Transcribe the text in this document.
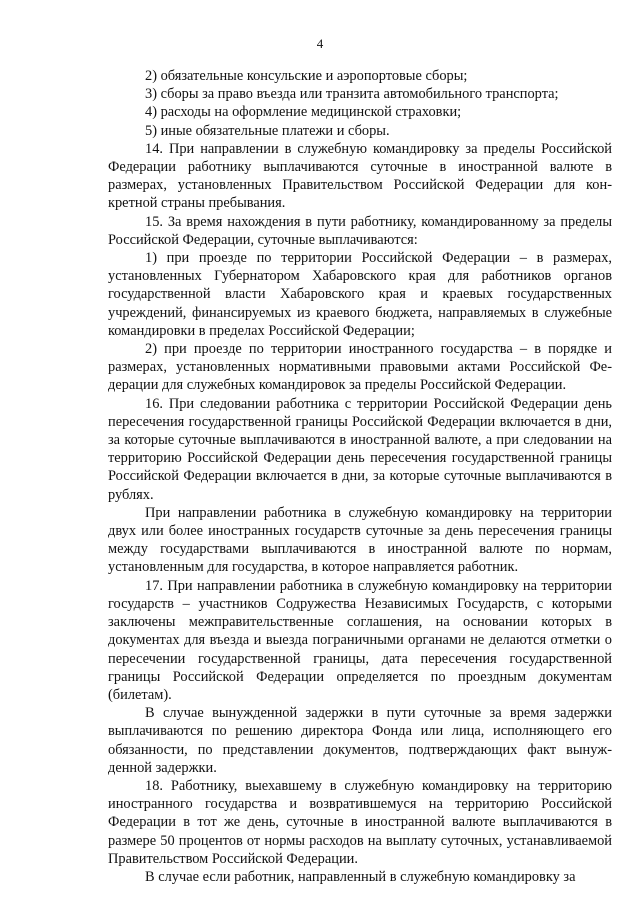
4

2) обязательные консульские и аэропортовые сборы;

3) сборы за право въезда или транзита автомобильного транспорта;

4) расходы на оформление медицинской страховки;

5) иные обязательные платежи и сборы.

14. При направлении в служебную командировку за пределы Российской Федерации работнику выплачиваются суточные в иностранной валюте в размерах, установленных Правительством Российской Федерации для конкретной страны пребывания.

15. За время нахождения в пути работнику, командированному за пределы Российской Федерации, суточные выплачиваются:

1) при проезде по территории Российской Федерации – в размерах, установленных Губернатором Хабаровского края для работников органов государственной власти Хабаровского края и краевых государственных учреждений, финансируемых из краевого бюджета, направляемых в служебные командировки в пределах Российской Федерации;

2) при проезде по территории иностранного государства – в порядке и размерах, установленных нормативными правовыми актами Российской Федерации для служебных командировок за пределы Российской Федерации.

16. При следовании работника с территории Российской Федерации день пересечения государственной границы Российской Федерации включается в дни, за которые суточные выплачиваются в иностранной валюте, а при следовании на территорию Российской Федерации день пересечения государственной границы Российской Федерации включается в дни, за которые суточные выплачиваются в рублях.

При направлении работника в служебную командировку на территории двух или более иностранных государств суточные за день пересечения границы между государствами выплачиваются в иностранной валюте по нормам, установленным для государства, в которое направляется работник.

17. При направлении работника в служебную командировку на территории государств – участников Содружества Независимых Государств, с которыми заключены межправительственные соглашения, на основании которых в документах для въезда и выезда пограничными органами не делаются отметки о пересечении государственной границы, дата пересечения государственной границы Российской Федерации определяется по проездным документам (билетам).

В случае вынужденной задержки в пути суточные за время задержки выплачиваются по решению директора Фонда или лица, исполняющего его обязанности, по представлении документов, подтверждающих факт вынужденной задержки.

18. Работнику, выехавшему в служебную командировку на территорию иностранного государства и возвратившемуся на территорию Российской Федерации в тот же день, суточные в иностранной валюте выплачиваются в размере 50 процентов от нормы расходов на выплату суточных, устанавливаемой Правительством Российской Федерации.

В случае если работник, направленный в служебную командировку за
